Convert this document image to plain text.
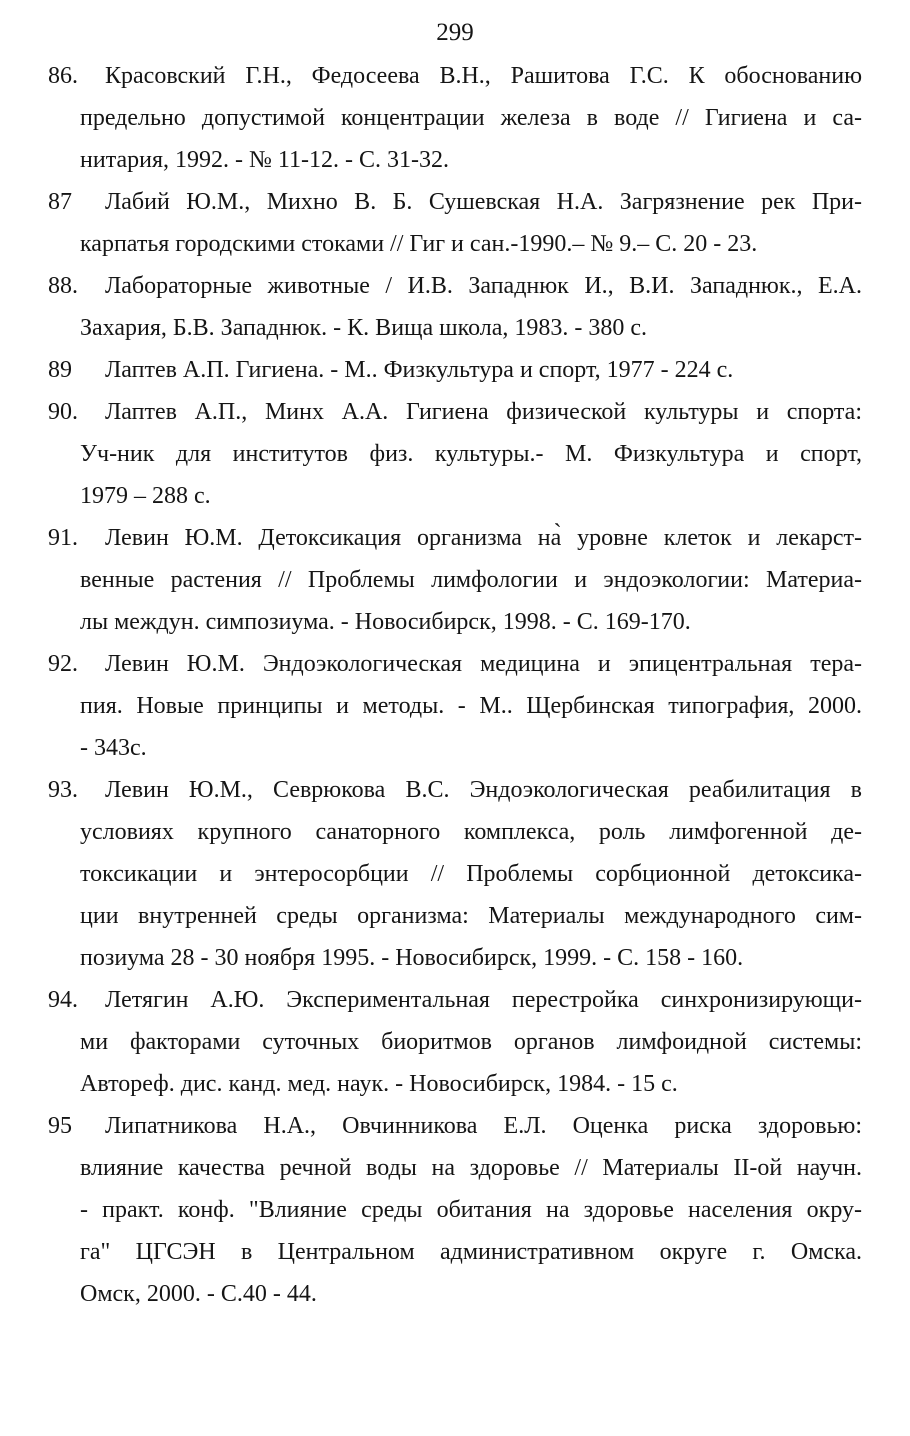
299
86.	Красовский Г.Н., Федосеева В.Н., Рашитова Г.С. К обоснованию
предельно допустимой концентрации железа в воде // Гигиена и са-
нитария, 1992. - № 11-12. - С. 31-32.
87	Лабий Ю.М., Михно В. Б. Сушевская Н.А. Загрязнение рек При-
карпатья городскими стоками // Гиг и сан.-1990.– № 9.– С. 20 - 23.
88.	Лабораторные животные / И.В. Западнюк И., В.И. Западнюк., Е.А.
Захария, Б.В. Западнюк. - К. Вища школа, 1983. - 380 с.
89	Лаптев А.П. Гигиена. - М.. Физкультура и спорт, 1977 - 224 с.
90.	Лаптев А.П., Минх А.А. Гигиена физической культуры и спорта:
Уч-ник для институтов физ. культуры.- М. Физкультура и спорт,
1979 – 288 с.
91.	Левин Ю.М. Детоксикация организма на̀ уровне клеток и лекарст-
венные растения // Проблемы лимфологии и эндоэкологии: Материа-
лы междун. симпозиума. - Новосибирск, 1998. - С. 169-170.
92.	Левин Ю.М. Эндоэкологическая медицина и эпицентральная тера-
пия. Новые принципы и методы. - М.. Щербинская типография, 2000.
- 343с.
93.	Левин Ю.М., Севрюкова В.С. Эндоэкологическая реабилитация в
условиях крупного санаторного комплекса, роль лимфогенной де-
токсикации и энтеросорбции // Проблемы сорбционной детоксика-
ции внутренней среды организма: Материалы международного сим-
позиума 28 - 30 ноября 1995. - Новосибирск, 1999. - С. 158 - 160.
94.	Летягин А.Ю. Экспериментальная перестройка синхронизирующи-
ми факторами суточных биоритмов органов лимфоидной системы:
Автореф. дис. канд. мед. наук. - Новосибирск, 1984. - 15 с.
95	Липатникова Н.А., Овчинникова Е.Л. Оценка риска здоровью:
влияние качества речной воды на здоровье // Материалы II-ой научн.
- практ. конф. "Влияние среды обитания на здоровье населения окру-
га" ЦГСЭН в Центральном административном округе г. Омска.
Омск, 2000. - С.40 - 44.
